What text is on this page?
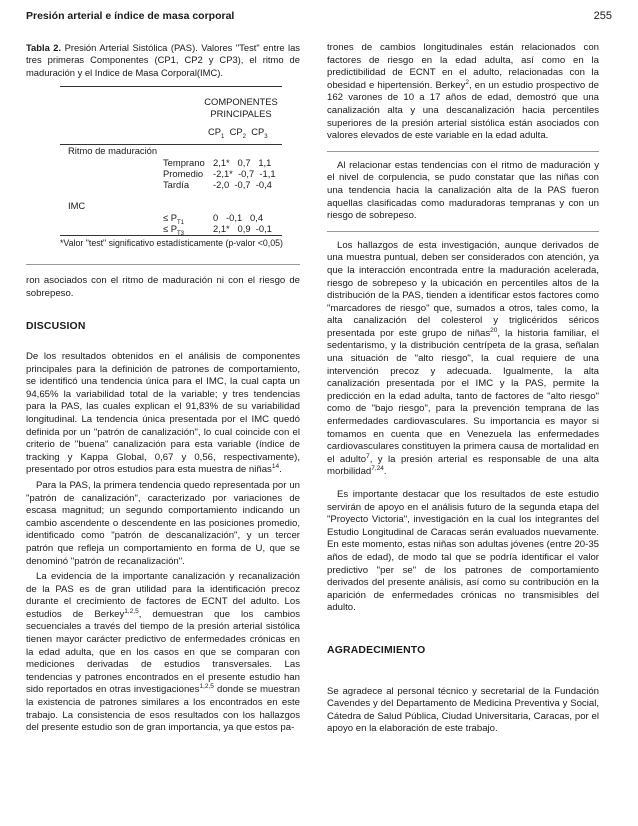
Presión arterial e índice de masa corporal	255

Tabla 2. Presión Arterial Sistólica (PAS). Valores "Test" entre las tres primeras Componentes (CP1, CP2 y CP3), el ritmo de maduración y el Indice de Masa Corporal(IMC).

COMPONENTES
PRINCIPALES
$CP_1$ $CP_2$ $CP_3$
Ritmo de maduración
Temprano 2,1*   0,7   1,1
Promedio -2,1*  -0,7  -1,1
Tardía	-2,0  -0,7  -0,4
IMC
≤ $P_{T1}$	0   -0,1   0,4
≤ $P_{T3}$	2,1*   0,9  -0,1
*Valor "test" significativo estadísticamente (p-valor <0,05)

ron asociados con el ritmo de maduración ni con el riesgo de sobrepeso.

DISCUSION

De los resultados obtenidos en el análisis de componentes principales para la definición de patrones de comportamiento, se identificó una tendencia única para el IMC, la cual capta un 94,65% la variabilidad total de la variable; y tres tendencias para la PAS, las cuales explican el 91,83% de su variabilidad longitudinal. La tendencia única presentada por el IMC quedó definida por un "patrón de canalización", lo cual coincide con el criterio de "buena" canalización para esta variable (índice de tracking y Kappa Global, 0,67 y 0,56, respectivamente), presentado por otros estudios para esta muestra de niñas$^{14}$.

Para la PAS, la primera tendencia quedo representada por un "patrón de canalización", caracterizado por variaciones de escasa magnitud; un segundo comportamiento indicando un cambio ascendente o descendente en las posiciones promedio, identificado como "patrón de descanalización", y un tercer patrón que refleja un comportamiento en forma de U, que se denominó "patrón de recanalización".

La evidencia de la importante canalización y recanalización de la PAS es de gran utilidad para la identificación precoz durante el crecimiento de factores de ECNT del adulto. Los estudios de Berkey$^{1,2,5}$, demuestran que los cambios secuenciales a través del tiempo de la presión arterial sistólica tienen mayor carácter predictivo de enfermedades crónicas en la edad adulta, que en los casos en que se comparan con mediciones derivadas de estudios transversales. Las tendencias y patrones encontrados en el presente estudio han sido reportados en otras investigaciones$^{1,2,5}$ donde se muestran la existencia de patrones similares a los encontrados en este trabajo. La consistencia de esos resultados con los hallazgos del presente estudio son de gran importancia, ya que estos pa-

trones de cambios longitudinales están relacionados con factores de riesgo en la edad adulta, así como en la predictibilidad de ECNT en el adulto, relacionadas con la obesidad e hipertensión. Berkey$^2$, en un estudio prospectivo de 162 varones de 10 a 17 años de edad, demostró que una canalización alta y una descanalización hacia percentiles superiores de la presión arterial sistólica están asociados con valores elevados de este variable en la edad adulta.

Al relacionar estas tendencias con el ritmo de maduración y el nivel de corpulencia, se pudo constatar que las niñas con una tendencia hacia la canalización alta de la PAS fueron aquellas clasificadas como maduradoras tempranas y con un riesgo de sobrepeso.

Los hallazgos de esta investigación, aunque derivados de una muestra puntual, deben ser considerados con atención, ya que la interacción encontrada entre la maduración acelerada, riesgo de sobrepeso y la ubicación en percentiles altos de la distribución de la PAS, tienden a identificar estos factores como "marcadores de riesgo" que, sumados a otros, tales como, la alta canalización del colesterol y triglicéridos séricos presentada por este grupo de niñas$^{20}$, la historia familiar, el sedentarismo, y la distribución centrípeta de la grasa, señalan una situación de "alto riesgo", la cual requiere de una intervención precoz y adecuada. Igualmente, la alta canalización presentada por el IMC y la PAS, permite la predicción en la edad adulta, tanto de factores de "alto riesgo" como de "bajo riesgo", para la prevención temprana de las enfermedades cardiovasculares. Su importancia es mayor si tomamos en cuenta que en Venezuela las enfermedades cardiovasculares constituyen la primera causa de mortalidad en el adulto$^7$, y la presión arterial es responsable de una alta morbilidad$^{7,24}$.

Es importante destacar que los resultados de este estudio servirán de apoyo en el análisis futuro de la segunda etapa del "Proyecto Victoria", investigación en la cual los integrantes del Estudio Longitudinal de Caracas serán evaluados nuevamente. En este momento, estas niñas son adultas jóvenes (entre 20-35 años de edad), de modo tal que se podría identificar el valor predictivo "per se" de los patrones de comportamiento derivados del presente análisis, así como su contribución en la aparición de enfermedades crónicas no transmisibles del adulto.

AGRADECIMIENTO

Se agradece al personal técnico y secretarial de la Fundación Cavendes y del Departamento de Medicina Preventiva y Social, Cátedra de Salud Pública, Ciudad Universitaria, Caracas, por el apoyo en la elaboración de este trabajo.
